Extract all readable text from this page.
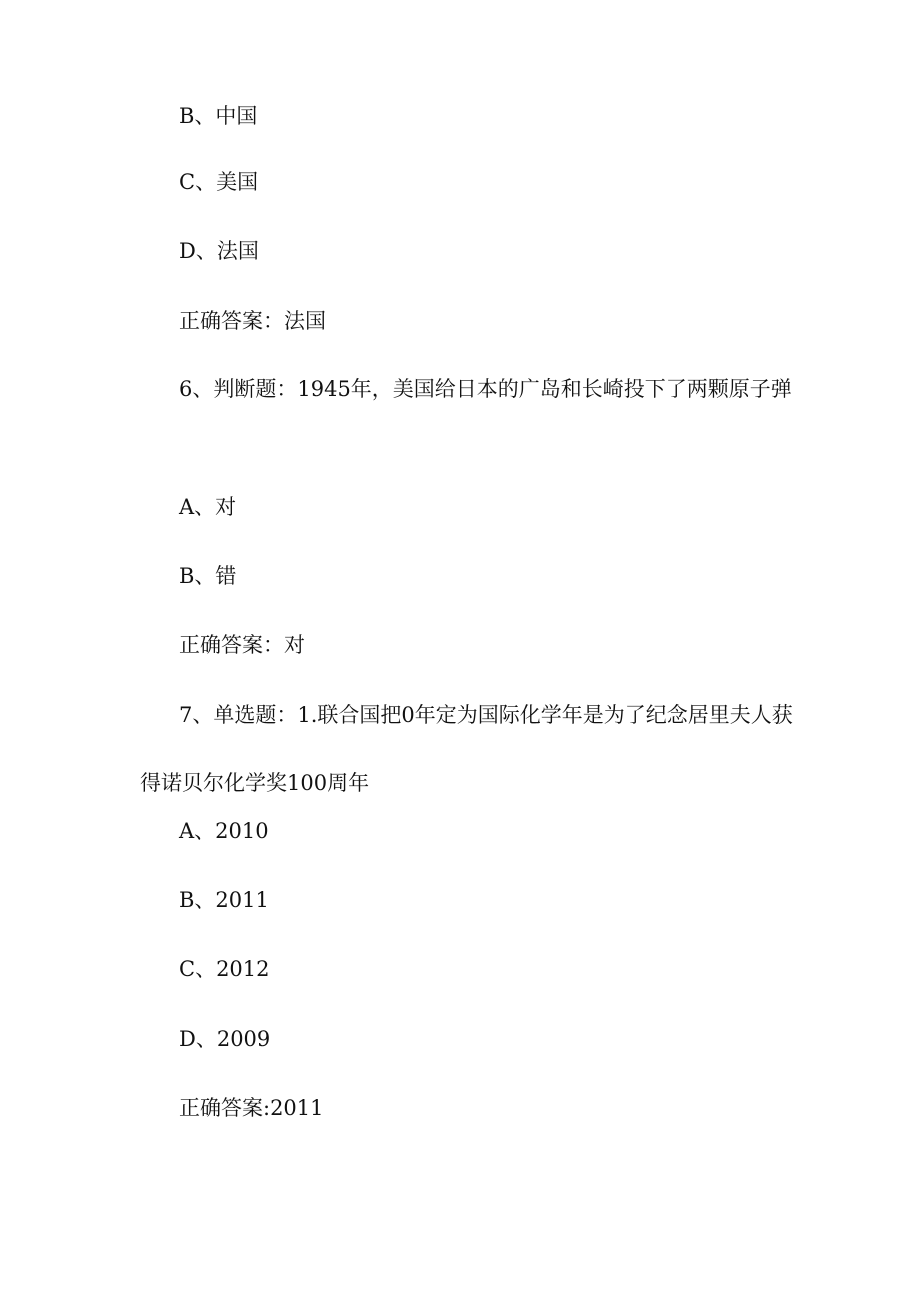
B、中国
C、美国
D、法国
正确答案：法国

6、判断题：1945年，美国给日本的广岛和长崎投下了两颗原子弹

A、对
B、错
正确答案：对

7、单选题：1.联合国把0年定为国际化学年是为了纪念居里夫人获得诺贝尔化学奖100周年

A、2010
B、2011
C、2012
D、2009
正确答案:2011
